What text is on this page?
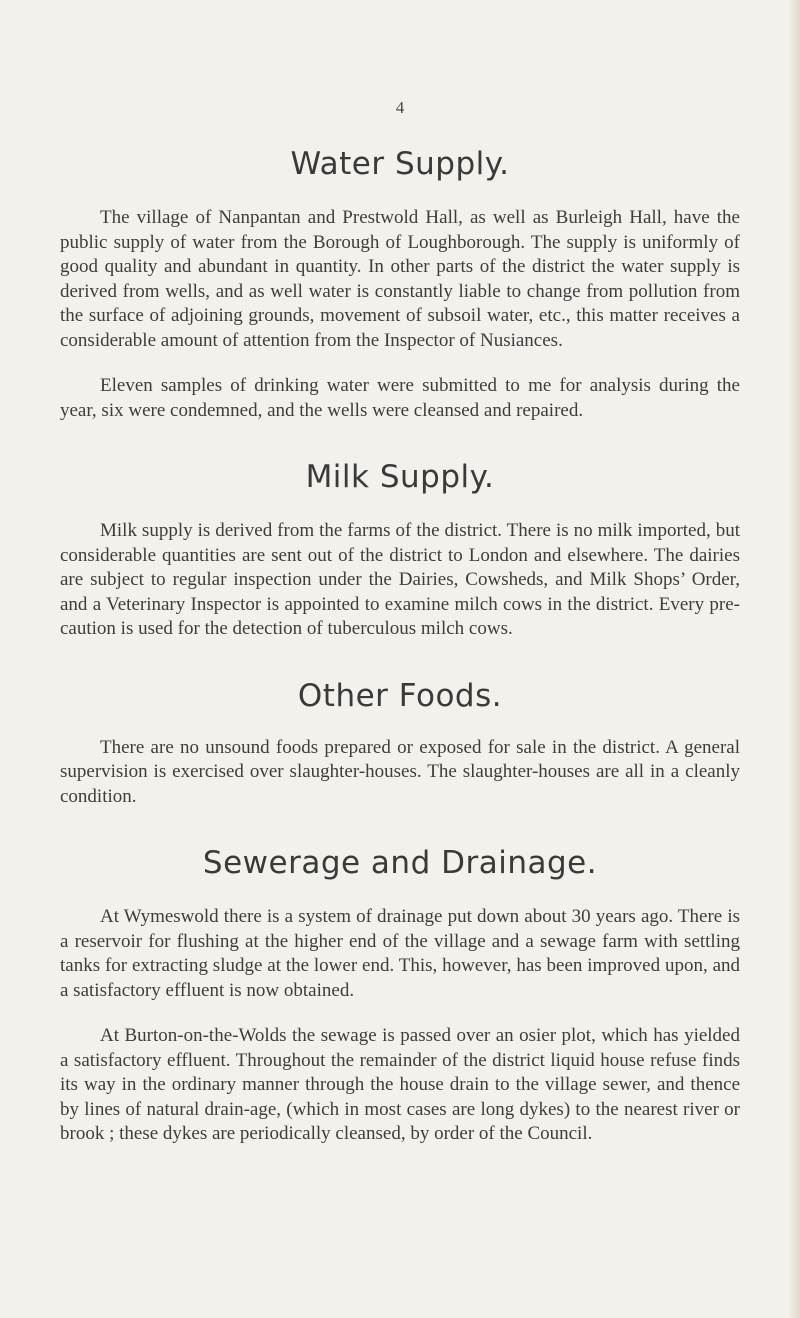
4
Water Supply.

The village of Nanpantan and Prestwold Hall, as well as Burleigh Hall, have the public supply of water from the Borough of Loughborough. The supply is uniformly of good quality and abundant in quantity. In other parts of the district the water supply is derived from wells, and as well water is constantly liable to change from pollution from the surface of adjoining grounds, movement of subsoil water, etc., this matter receives a considerable amount of attention from the Inspector of Nusiances.

Eleven samples of drinking water were submitted to me for analysis during the year, six were condemned, and the wells were cleansed and repaired.

Milk Supply.

Milk supply is derived from the farms of the district. There is no milk imported, but considerable quantities are sent out of the district to London and elsewhere. The dairies are subject to regular inspection under the Dairies, Cowsheds, and Milk Shops’ Order, and a Veterinary Inspector is appointed to examine milch cows in the district. Every pre-caution is used for the detection of tuberculous milch cows.

Other Foods.

There are no unsound foods prepared or exposed for sale in the district. A general supervision is exercised over slaughter-houses. The slaughter-houses are all in a cleanly condition.

Sewerage and Drainage.

At Wymeswold there is a system of drainage put down about 30 years ago. There is a reservoir for flushing at the higher end of the village and a sewage farm with settling tanks for extracting sludge at the lower end. This, however, has been improved upon, and a satisfactory effluent is now obtained.

At Burton-on-the-Wolds the sewage is passed over an osier plot, which has yielded a satisfactory effluent. Throughout the remainder of the district liquid house refuse finds its way in the ordinary manner through the house drain to the village sewer, and thence by lines of natural drain-age, (which in most cases are long dykes) to the nearest river or brook ; these dykes are periodically cleansed, by order of the Council.
